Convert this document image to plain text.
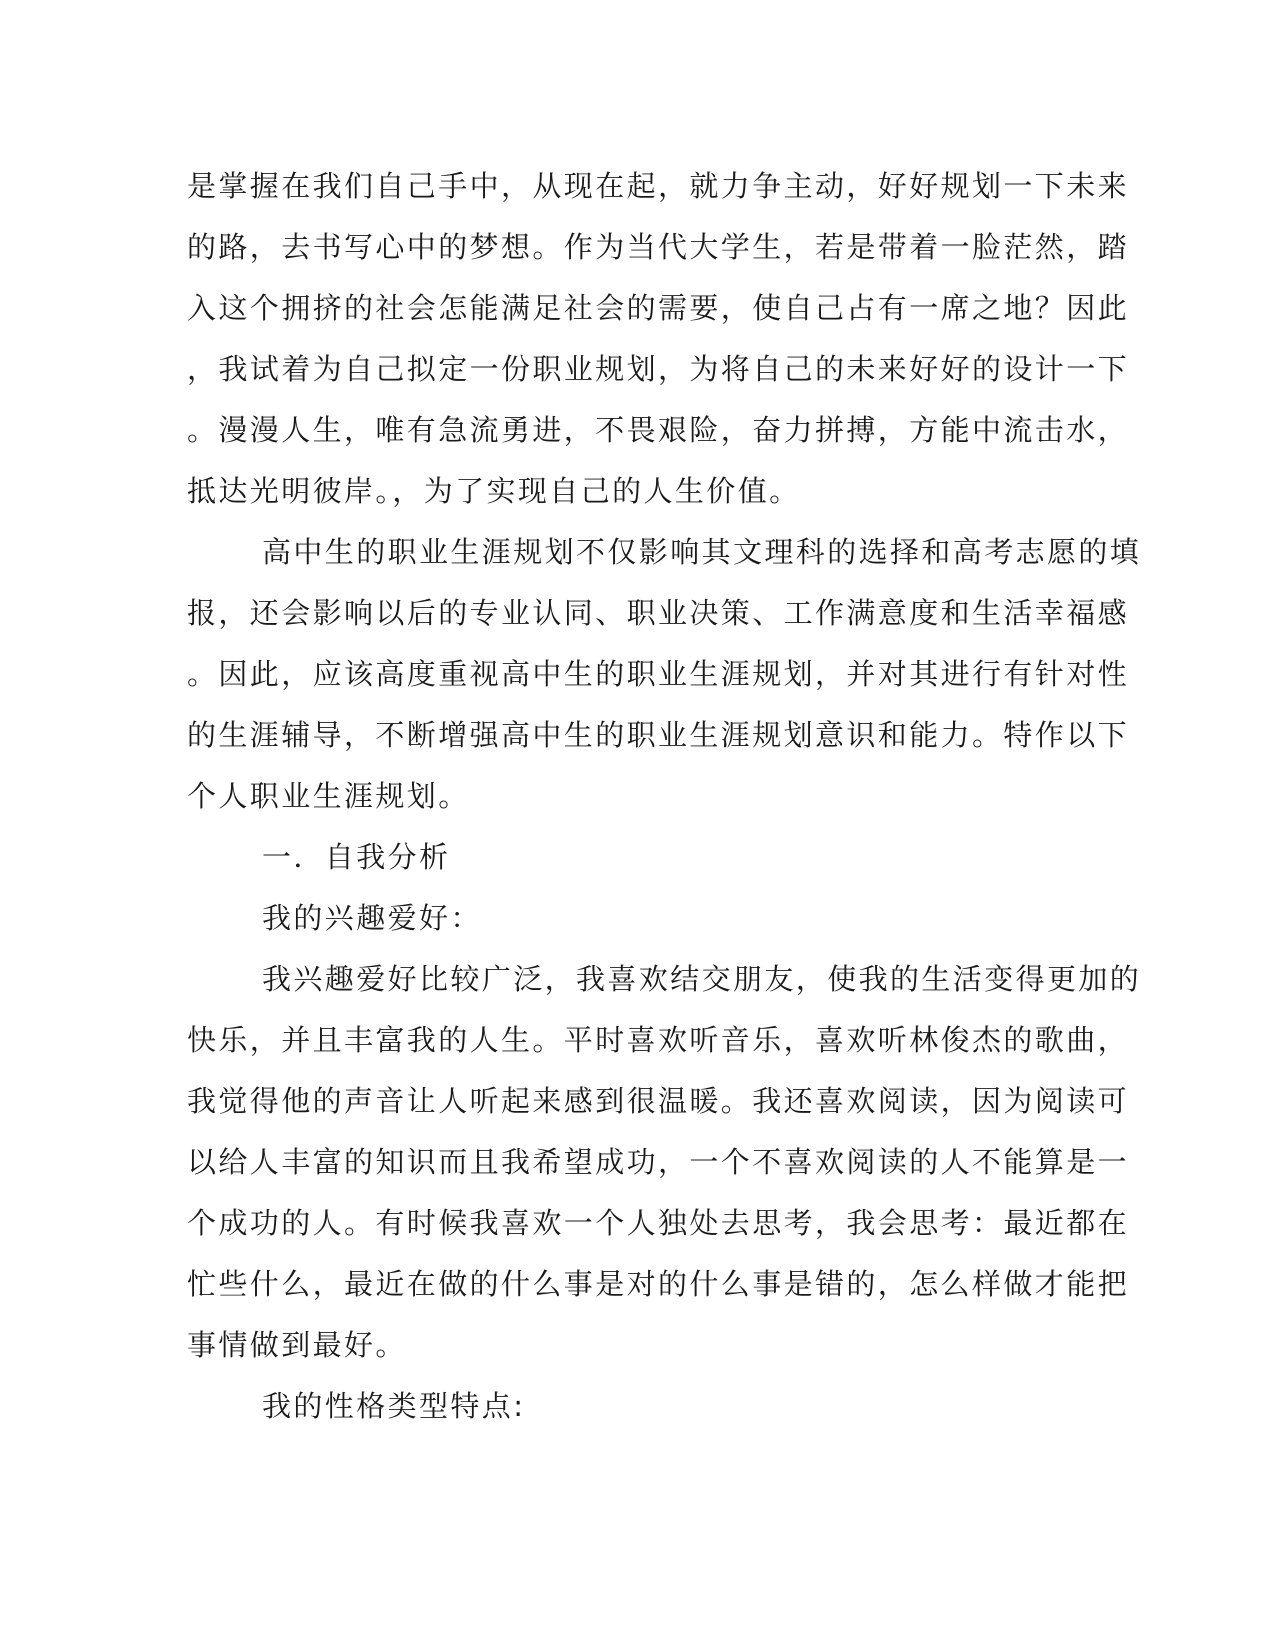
是掌握在我们自己手中，从现在起，就力争主动，好好规划一下未来
的路，去书写心中的梦想。作为当代大学生，若是带着一脸茫然，踏
入这个拥挤的社会怎能满足社会的需要，使自己占有一席之地？因此
，我试着为自己拟定一份职业规划，为将自己的未来好好的设计一下
。漫漫人生，唯有急流勇进，不畏艰险，奋力拼搏，方能中流击水，
抵达光明彼岸。，为了实现自己的人生价值。
高中生的职业生涯规划不仅影响其文理科的选择和高考志愿的填
报，还会影响以后的专业认同、职业决策、工作满意度和生活幸福感
。因此，应该高度重视高中生的职业生涯规划，并对其进行有针对性
的生涯辅导，不断增强高中生的职业生涯规划意识和能力。特作以下
个人职业生涯规划。
一．自我分析
我的兴趣爱好：
我兴趣爱好比较广泛，我喜欢结交朋友，使我的生活变得更加的
快乐，并且丰富我的人生。平时喜欢听音乐，喜欢听林俊杰的歌曲，
我觉得他的声音让人听起来感到很温暖。我还喜欢阅读，因为阅读可
以给人丰富的知识而且我希望成功，一个不喜欢阅读的人不能算是一
个成功的人。有时候我喜欢一个人独处去思考，我会思考：最近都在
忙些什么，最近在做的什么事是对的什么事是错的，怎么样做才能把
事情做到最好。
我的性格类型特点:
